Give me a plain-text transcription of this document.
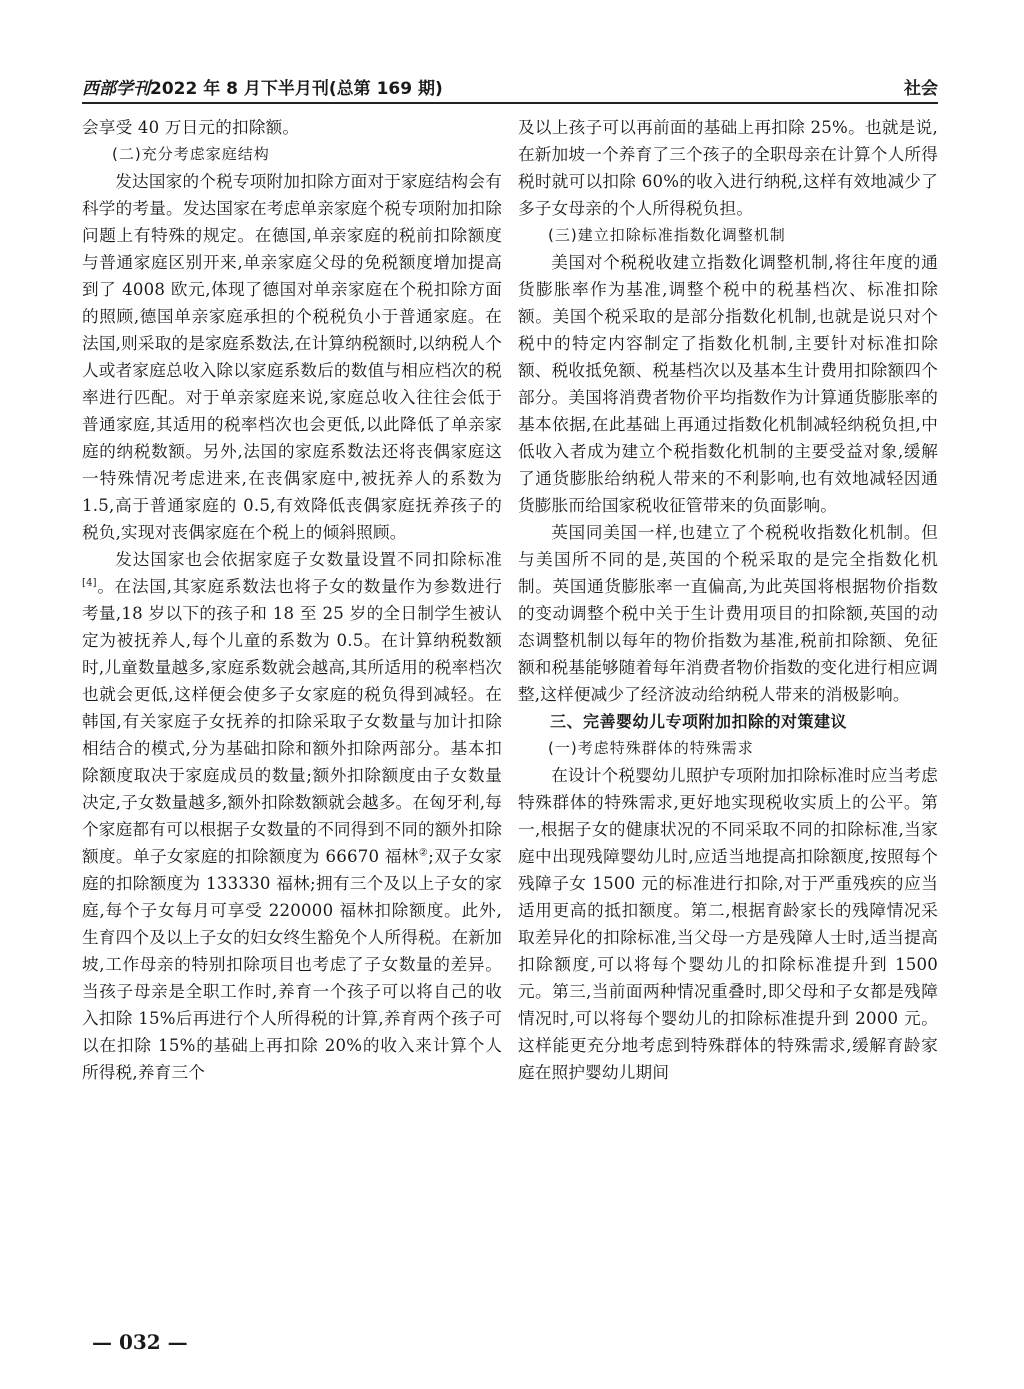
西部学刊2022 年 8 月下半月刊(总第 169 期)	社会

会享受 40 万日元的扣除额。

(二)充分考虑家庭结构

发达国家的个税专项附加扣除方面对于家庭结构会有科学的考量。发达国家在考虑单亲家庭个税专项附加扣除问题上有特殊的规定。在德国,单亲家庭的税前扣除额度与普通家庭区别开来,单亲家庭父母的免税额度增加提高到了 4008 欧元,体现了德国对单亲家庭在个税扣除方面的照顾,德国单亲家庭承担的个税税负小于普通家庭。在法国,则采取的是家庭系数法,在计算纳税额时,以纳税人个人或者家庭总收入除以家庭系数后的数值与相应档次的税率进行匹配。对于单亲家庭来说,家庭总收入往往会低于普通家庭,其适用的税率档次也会更低,以此降低了单亲家庭的纳税数额。另外,法国的家庭系数法还将丧偶家庭这一特殊情况考虑进来,在丧偶家庭中,被抚养人的系数为 1.5,高于普通家庭的 0.5,有效降低丧偶家庭抚养孩子的税负,实现对丧偶家庭在个税上的倾斜照顾。

发达国家也会依据家庭子女数量设置不同扣除标准[4]。在法国,其家庭系数法也将子女的数量作为参数进行考量,18 岁以下的孩子和 18 至 25 岁的全日制学生被认定为被抚养人,每个儿童的系数为 0.5。在计算纳税数额时,儿童数量越多,家庭系数就会越高,其所适用的税率档次也就会更低,这样便会使多子女家庭的税负得到减轻。在韩国,有关家庭子女抚养的扣除采取子女数量与加计扣除相结合的模式,分为基础扣除和额外扣除两部分。基本扣除额度取决于家庭成员的数量;额外扣除额度由子女数量决定,子女数量越多,额外扣除数额就会越多。在匈牙利,每个家庭都有可以根据子女数量的不同得到不同的额外扣除额度。单子女家庭的扣除额度为 66670 福林②;双子女家庭的扣除额度为 133330 福林;拥有三个及以上子女的家庭,每个子女每月可享受 220000 福林扣除额度。此外,生育四个及以上子女的妇女终生豁免个人所得税。在新加坡,工作母亲的特别扣除项目也考虑了子女数量的差异。当孩子母亲是全职工作时,养育一个孩子可以将自己的收入扣除 15%后再进行个人所得税的计算,养育两个孩子可以在扣除 15%的基础上再扣除 20%的收入来计算个人所得税,养育三个

及以上孩子可以再前面的基础上再扣除 25%。也就是说,在新加坡一个养育了三个孩子的全职母亲在计算个人所得税时就可以扣除 60%的收入进行纳税,这样有效地减少了多子女母亲的个人所得税负担。

(三)建立扣除标准指数化调整机制

美国对个税税收建立指数化调整机制,将往年度的通货膨胀率作为基准,调整个税中的税基档次、标准扣除额。美国个税采取的是部分指数化机制,也就是说只对个税中的特定内容制定了指数化机制,主要针对标准扣除额、税收抵免额、税基档次以及基本生计费用扣除额四个部分。美国将消费者物价平均指数作为计算通货膨胀率的基本依据,在此基础上再通过指数化机制减轻纳税负担,中低收入者成为建立个税指数化机制的主要受益对象,缓解了通货膨胀给纳税人带来的不利影响,也有效地减轻因通货膨胀而给国家税收征管带来的负面影响。

英国同美国一样,也建立了个税税收指数化机制。但与美国所不同的是,英国的个税采取的是完全指数化机制。英国通货膨胀率一直偏高,为此英国将根据物价指数的变动调整个税中关于生计费用项目的扣除额,英国的动态调整机制以每年的物价指数为基准,税前扣除额、免征额和税基能够随着每年消费者物价指数的变化进行相应调整,这样便减少了经济波动给纳税人带来的消极影响。

三、完善婴幼儿专项附加扣除的对策建议

(一)考虑特殊群体的特殊需求

在设计个税婴幼儿照护专项附加扣除标准时应当考虑特殊群体的特殊需求,更好地实现税收实质上的公平。第一,根据子女的健康状况的不同采取不同的扣除标准,当家庭中出现残障婴幼儿时,应适当地提高扣除额度,按照每个残障子女 1500 元的标准进行扣除,对于严重残疾的应当适用更高的抵扣额度。第二,根据育龄家长的残障情况采取差异化的扣除标准,当父母一方是残障人士时,适当提高扣除额度,可以将每个婴幼儿的扣除标准提升到 1500 元。第三,当前面两种情况重叠时,即父母和子女都是残障情况时,可以将每个婴幼儿的扣除标准提升到 2000 元。这样能更充分地考虑到特殊群体的特殊需求,缓解育龄家庭在照护婴幼儿期间

— 032 —
